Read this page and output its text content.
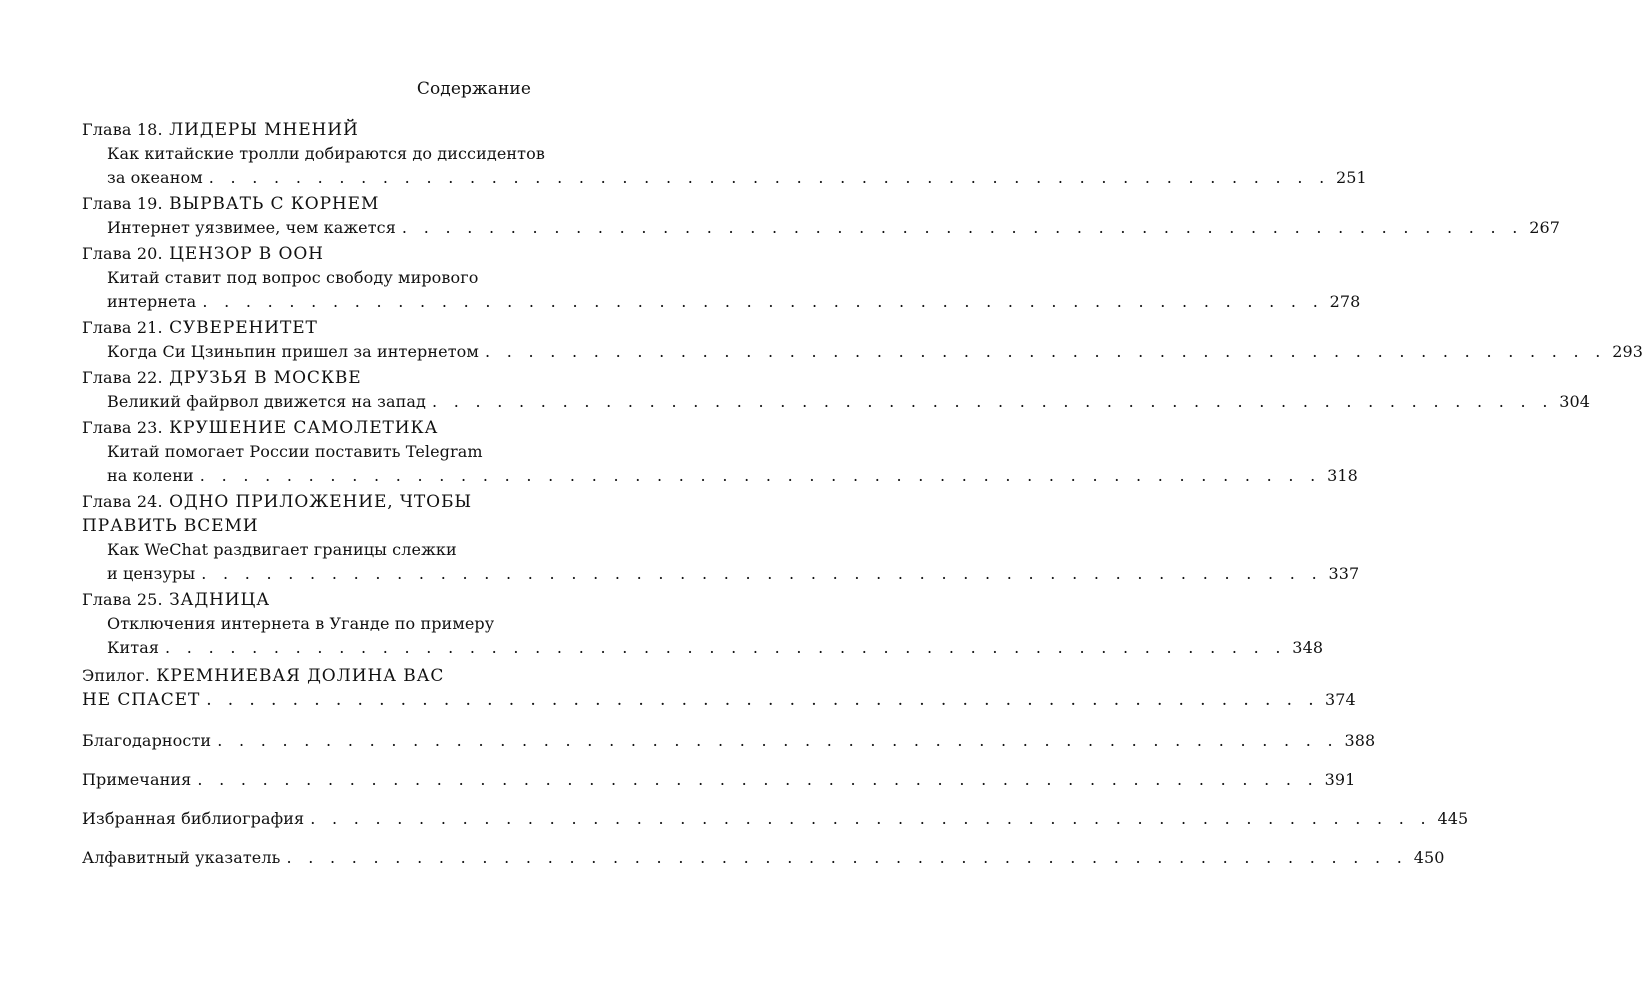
Содержание
Глава 18. ЛИДЕРЫ МНЕНИЙ
Как китайские тролли добираются до диссидентов
за океаном . . . . . . . . . . . . . . . . . . . . . . . . . . . . . . . . . . . . . . . . . . . . . . . . . . . . 251
Глава 19. ВЫРВАТЬ С КОРНЕМ
Интернет уязвимее, чем кажется . . . . . . . . . . . . . . . . . . . . . . . . . . . . . . . . . . . . . . . . . . . . . . . . . . . . 267
Глава 20. ЦЕНЗОР В ООН
Китай ставит под вопрос свободу мирового
интернета . . . . . . . . . . . . . . . . . . . . . . . . . . . . . . . . . . . . . . . . . . . . . . . . . . . . 278
Глава 21. СУВЕРЕНИТЕТ
Когда Си Цзиньпин пришел за интернетом . . . . . . . . . . . . . . . . . . . . . . . . . . . . . . . . . . . . . . . . . . . . . . . . . . . . 293
Глава 22. ДРУЗЬЯ В МОСКВЕ
Великий файрвол движется на запад . . . . . . . . . . . . . . . . . . . . . . . . . . . . . . . . . . . . . . . . . . . . . . . . . . . . 304
Глава 23. КРУШЕНИЕ САМОЛЕТИКА
Китай помогает России поставить Telegram
на колени . . . . . . . . . . . . . . . . . . . . . . . . . . . . . . . . . . . . . . . . . . . . . . . . . . . . 318
Глава 24. ОДНО ПРИЛОЖЕНИЕ, ЧТОБЫ
ПРАВИТЬ ВСЕМИ
Как WeChat раздвигает границы слежки
и цензуры . . . . . . . . . . . . . . . . . . . . . . . . . . . . . . . . . . . . . . . . . . . . . . . . . . . . 337
Глава 25. ЗАДНИЦА
Отключения интернета в Уганде по примеру
Китая . . . . . . . . . . . . . . . . . . . . . . . . . . . . . . . . . . . . . . . . . . . . . . . . . . . . 348
Эпилог. КРЕМНИЕВАЯ ДОЛИНА ВАС
НЕ СПАСЕТ . . . . . . . . . . . . . . . . . . . . . . . . . . . . . . . . . . . . . . . . . . . . . . . . . . . . 374
Благодарности . . . . . . . . . . . . . . . . . . . . . . . . . . . . . . . . . . . . . . . . . . . . . . . . . . . . 388
Примечания . . . . . . . . . . . . . . . . . . . . . . . . . . . . . . . . . . . . . . . . . . . . . . . . . . . . 391
Избранная библиография . . . . . . . . . . . . . . . . . . . . . . . . . . . . . . . . . . . . . . . . . . . . . . . . . . . . 445
Алфавитный указатель . . . . . . . . . . . . . . . . . . . . . . . . . . . . . . . . . . . . . . . . . . . . . . . . . . . . 450
